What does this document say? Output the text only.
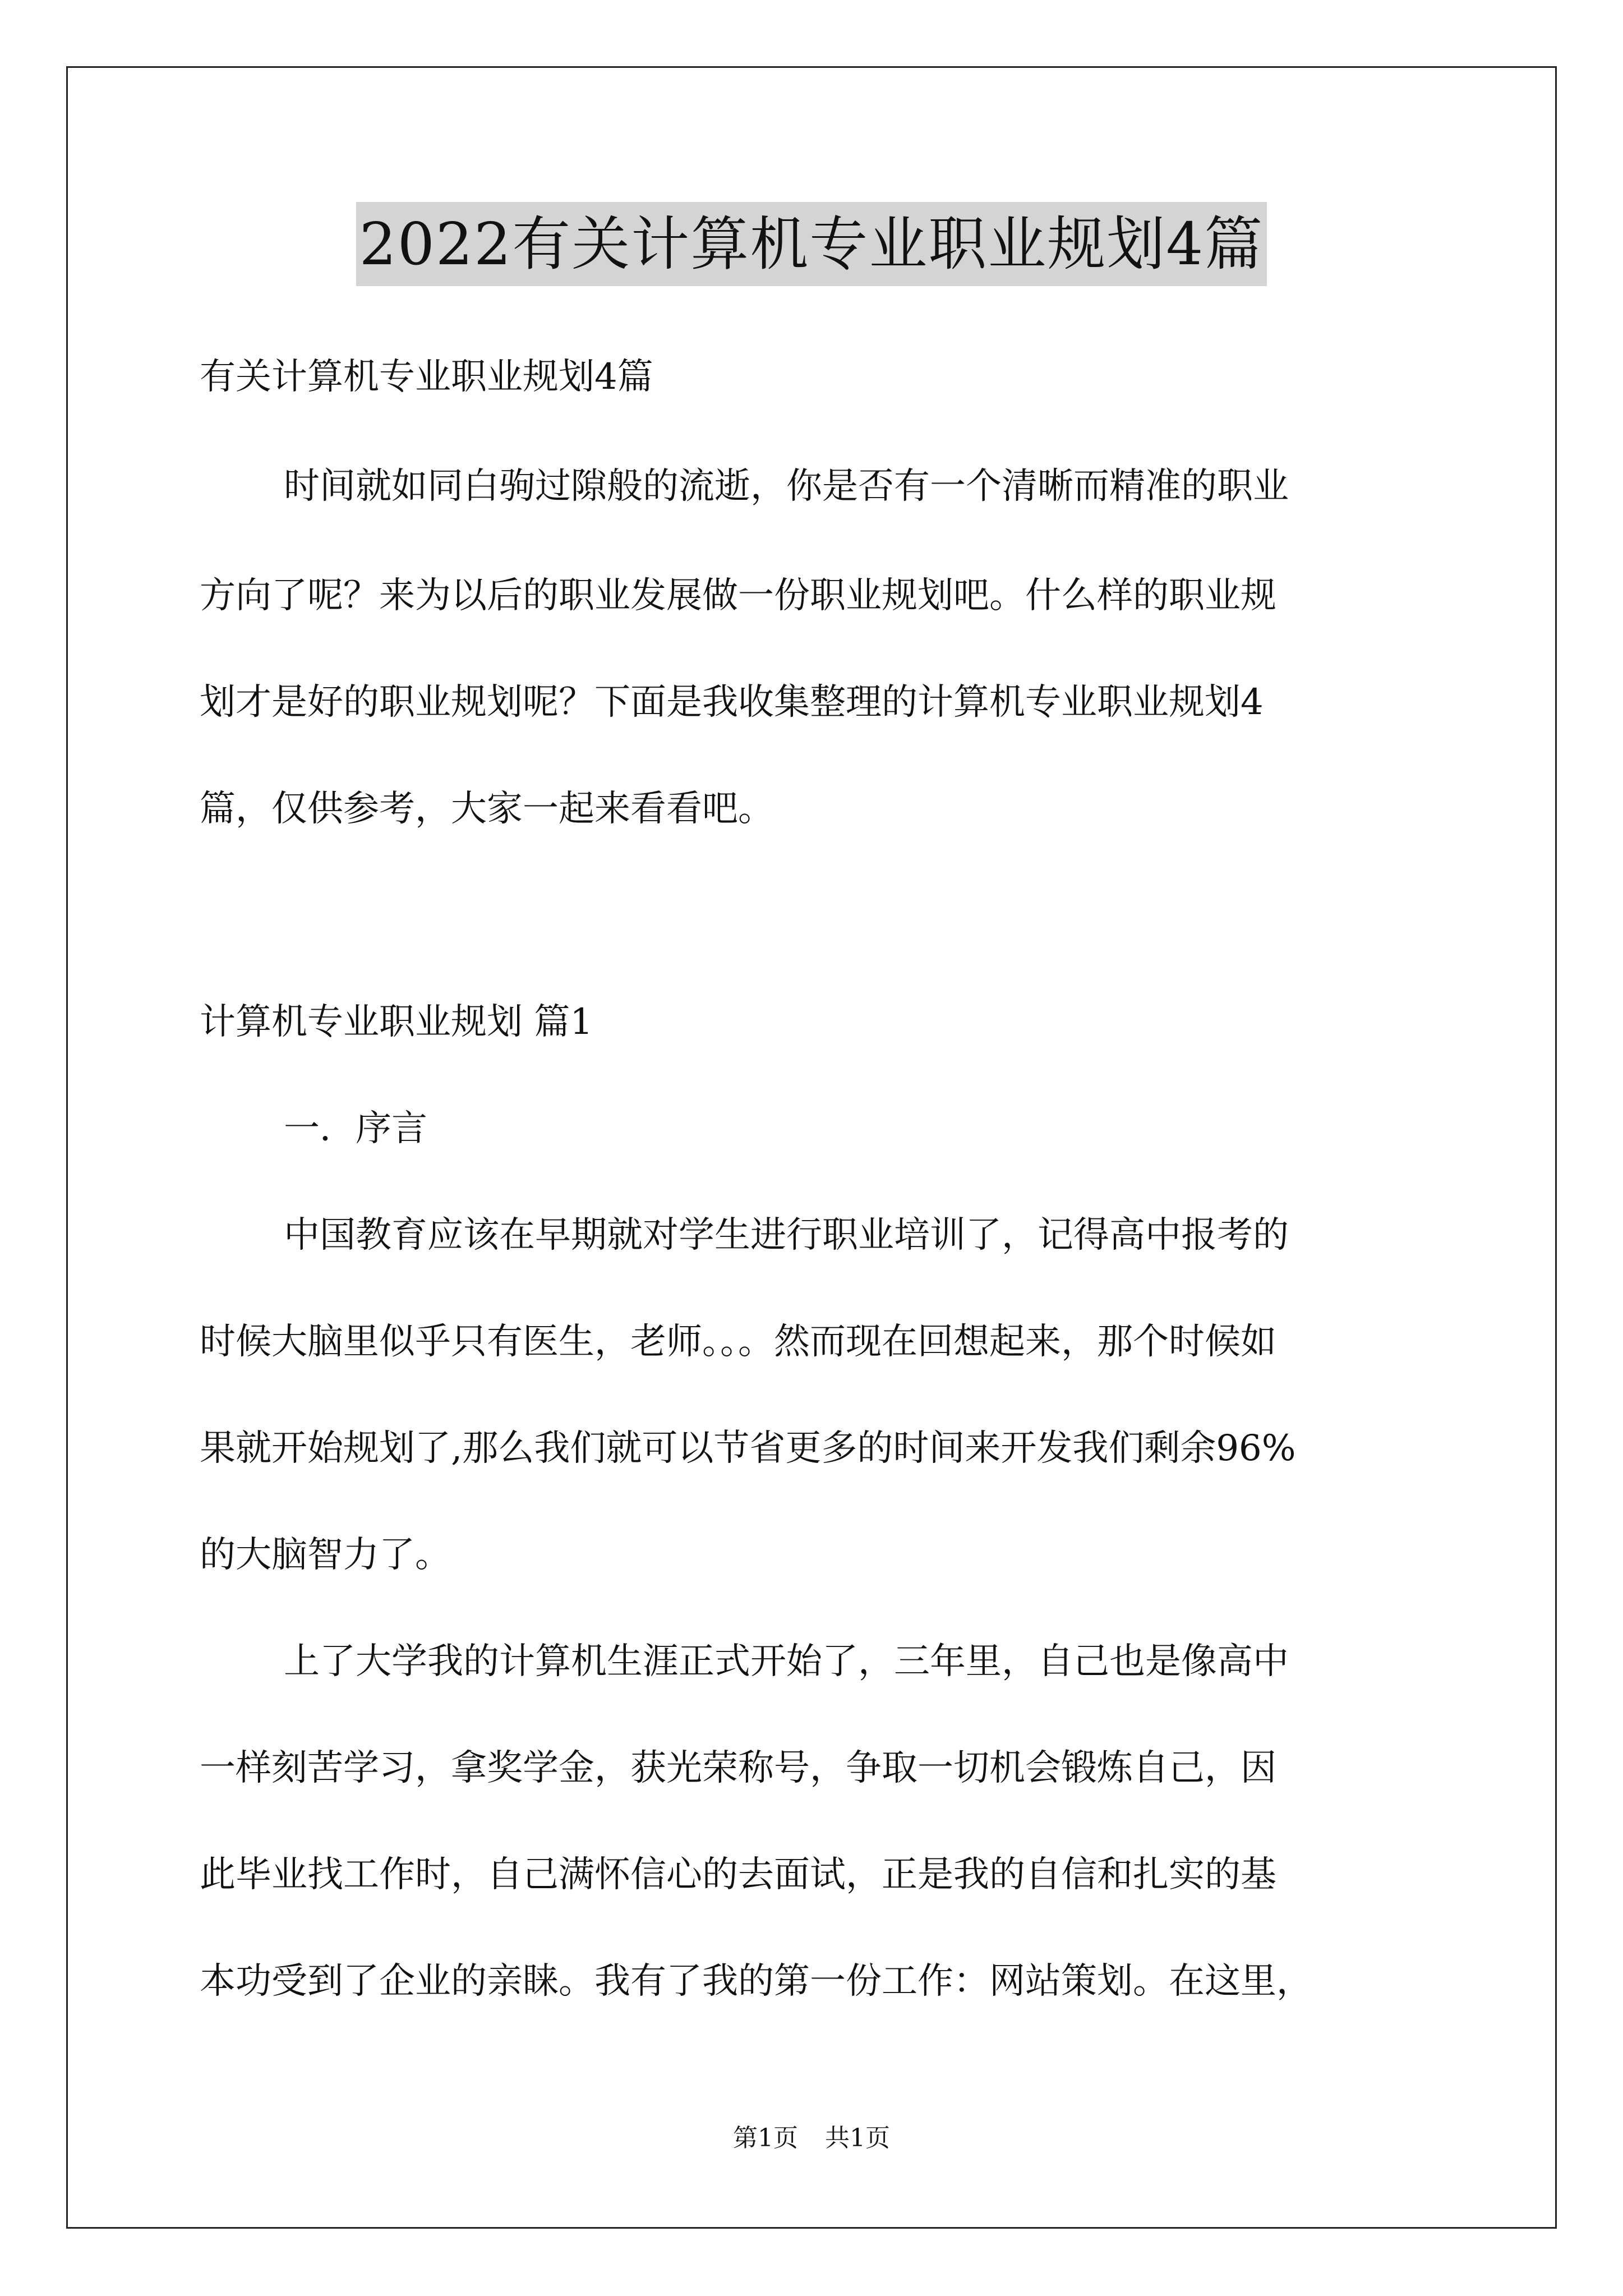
2022有关计算机专业职业规划4篇
有关计算机专业职业规划4篇
时间就如同白驹过隙般的流逝，你是否有一个清晰而精准的职业
方向了呢？来为以后的职业发展做一份职业规划吧。什么样的职业规
划才是好的职业规划呢？下面是我收集整理的计算机专业职业规划4
篇，仅供参考，大家一起来看看吧。
计算机专业职业规划 篇1
一．序言
中国教育应该在早期就对学生进行职业培训了，记得高中报考的
时候大脑里似乎只有医生，老师。。。然而现在回想起来，那个时候如
果就开始规划了,那么我们就可以节省更多的时间来开发我们剩余96%
的大脑智力了。
上了大学我的计算机生涯正式开始了，三年里，自己也是像高中
一样刻苦学习，拿奖学金，获光荣称号，争取一切机会锻炼自己，因
此毕业找工作时，自己满怀信心的去面试，正是我的自信和扎实的基
本功受到了企业的亲睐。我有了我的第一份工作：网站策划。在这里，
第1页 共1页
